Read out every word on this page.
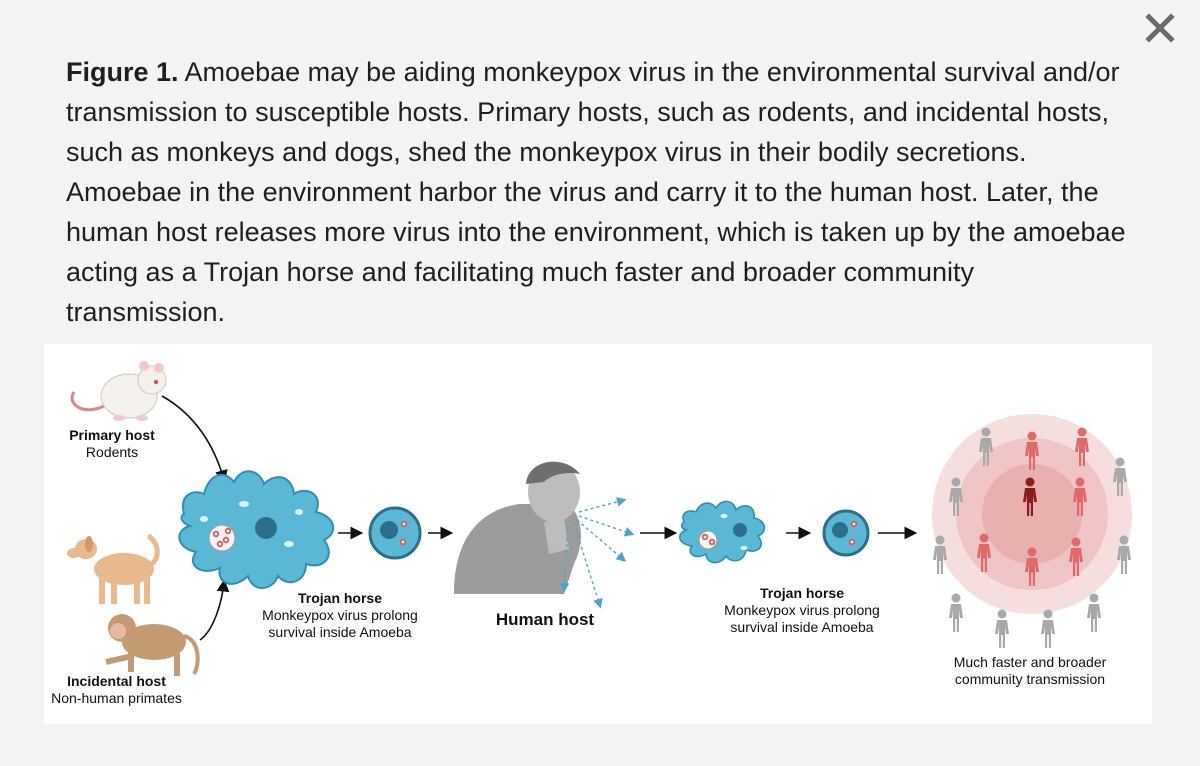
Figure 1. Amoebae may be aiding monkeypox virus in the environmental survival and/or transmission to susceptible hosts. Primary hosts, such as rodents, and incidental hosts, such as monkeys and dogs, shed the monkeypox virus in their bodily secretions. Amoebae in the environment harbor the virus and carry it to the human host. Later, the human host releases more virus into the environment, which is taken up by the amoebae acting as a Trojan horse and facilitating much faster and broader community transmission.
Primary host
Rodents
Incidental host
Non-human primates
Trojan horse
Monkeypox virus prolong
survival inside Amoeba
Human host
Trojan horse
Monkeypox virus prolong
survival inside Amoeba
Much faster and broader
community transmission
